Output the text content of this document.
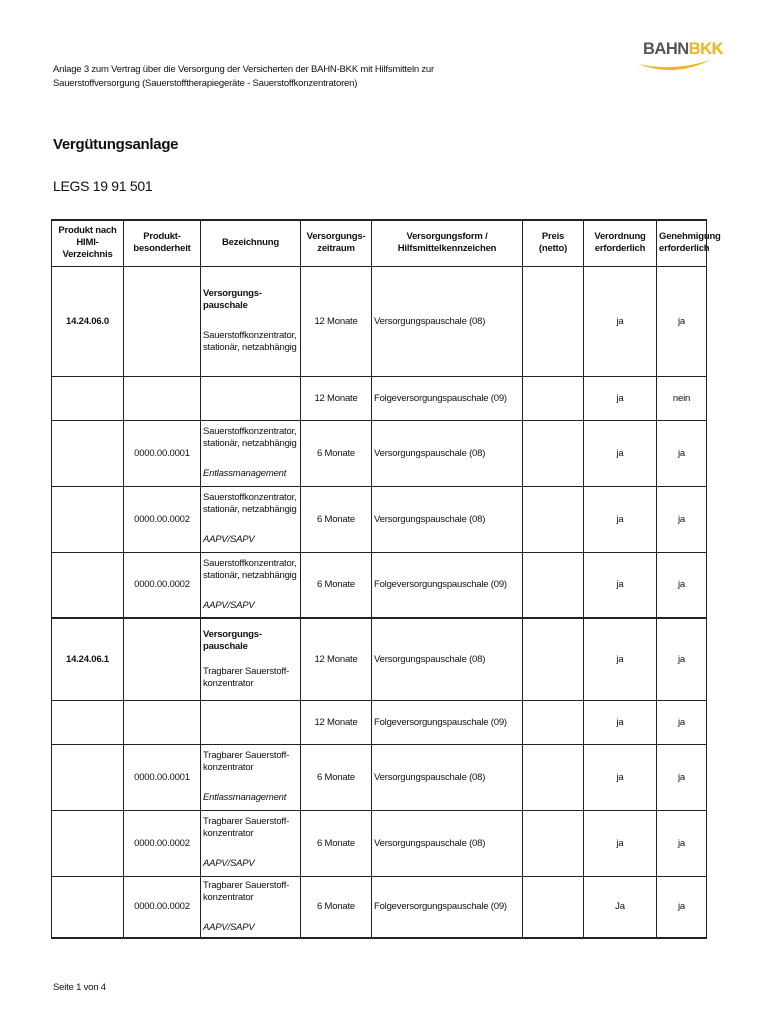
Anlage 3 zum Vertrag über die Versorgung der Versicherten der BAHN-BKK mit Hilfsmitteln zur
Sauerstoffversorgung (Sauerstofftherapiegeräte - Sauerstoffkonzentratoren)
BAHNBKK
Vergütungsanlage
LEGS 19 91 501
Produkt nach
HIMI-Verzeichnis	Produkt-
besonderheit	Bezeichnung	Versorgungs-
zeitraum	Versorgungsform /
Hilfsmittelkennzeichen	Preis
(netto)	Verordnung
erforderlich	Genehmigung
erforderlich
14.24.06.0		Versorgungs-
pauschale
Sauerstoffkonzentrator,
stationär, netzabhängig	12 Monate	Versorgungspauschale (08)		ja	ja
			12 Monate	Folgeversorgungspauschale (09)		ja	nein
	0000.00.0001	Sauerstoffkonzentrator,
stationär, netzabhängig
Entlassmanagement	6 Monate	Versorgungspauschale (08)		ja	ja
	0000.00.0002	Sauerstoffkonzentrator,
stationär, netzabhängig
AAPV/SAPV	6 Monate	Versorgungspauschale (08)		ja	ja
	0000.00.0002	Sauerstoffkonzentrator,
stationär, netzabhängig
AAPV/SAPV	6 Monate	Folgeversorgungspauschale (09)		ja	ja
14.24.06.1		Versorgungs-
pauschale
Tragbarer Sauerstoff-
konzentrator	12 Monate	Versorgungspauschale (08)		ja	ja
			12 Monate	Folgeversorgungspauschale (09)		ja	ja
	0000.00.0001	Tragbarer Sauerstoff-
konzentrator
Entlassmanagement	6 Monate	Versorgungspauschale (08)		ja	ja
	0000.00.0002	Tragbarer Sauerstoff-
konzentrator
AAPV/SAPV	6 Monate	Versorgungspauschale (08)		ja	ja
	0000.00.0002	Tragbarer Sauerstoff-
konzentrator
AAPV/SAPV	6 Monate	Folgeversorgungspauschale (09)		Ja	ja
Seite 1 von 4
